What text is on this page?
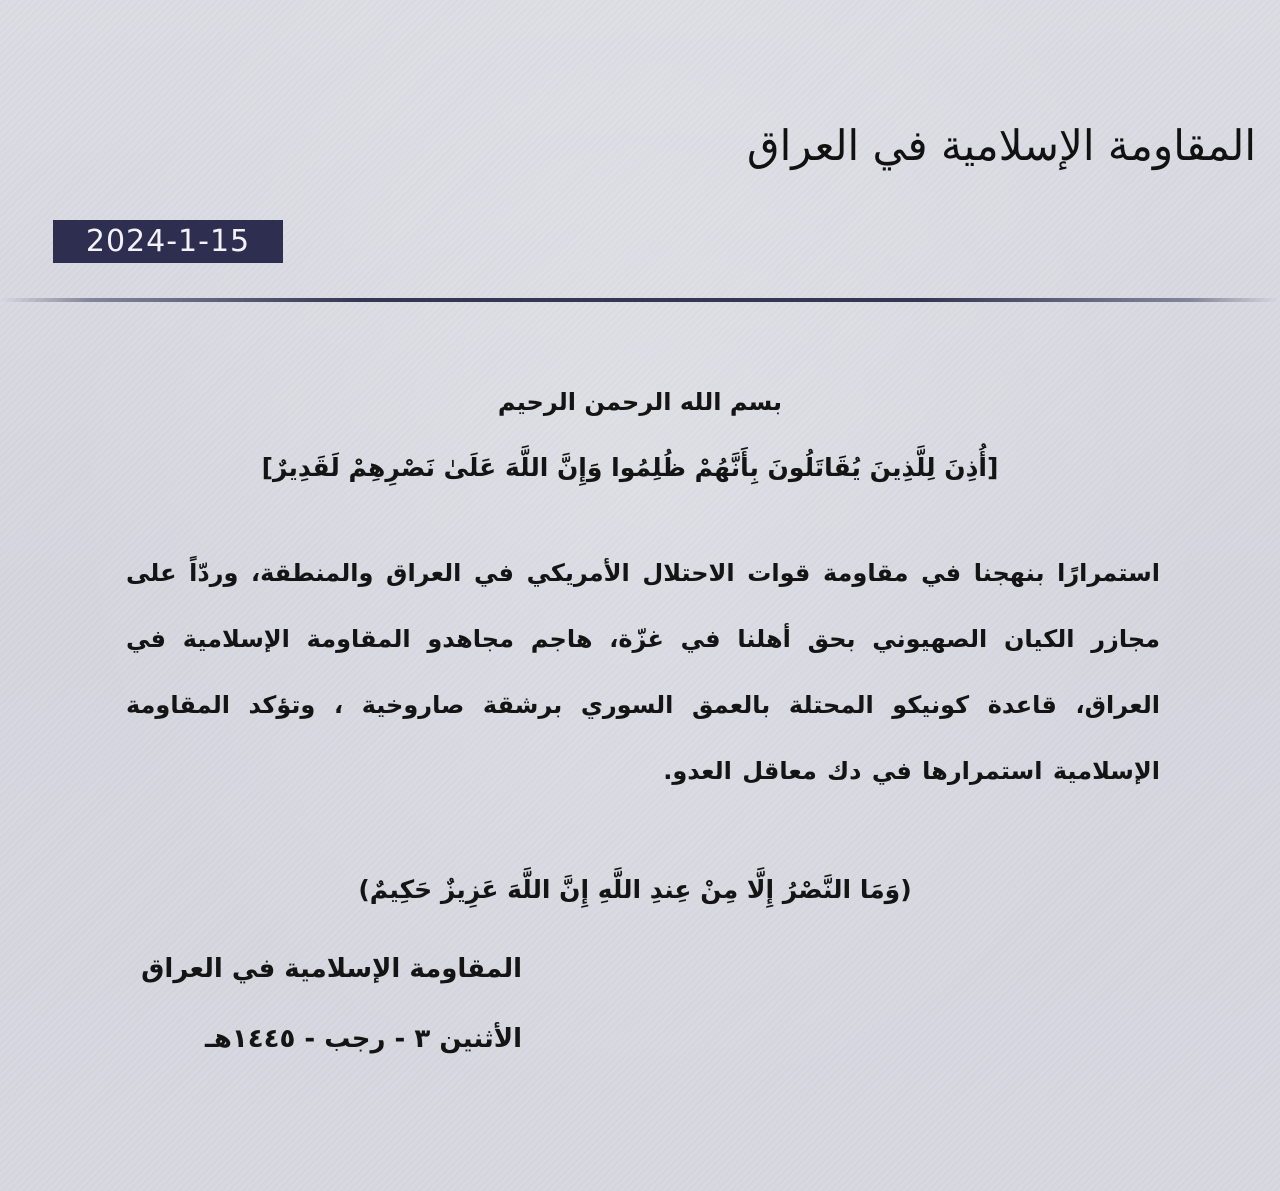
المقاومة الإسلامية في العراق
2024-1-15
بسم الله الرحمن الرحيم
[أُذِنَ لِلَّذِينَ يُقَاتَلُونَ بِأَنَّهُمْ ظُلِمُوا وَإِنَّ اللَّهَ عَلَىٰ نَصْرِهِمْ لَقَدِيرٌ]

استمرارًا بنهجنا في مقاومة قوات الاحتلال الأمريكي في العراق والمنطقة، وردّاً على مجازر الكيان الصهيوني بحق أهلنا في غزّة، هاجم مجاهدو المقاومة الإسلامية في العراق، قاعدة كونيكو المحتلة بالعمق السوري برشقة صاروخية ، وتؤكد المقاومة الإسلامية استمرارها في دك معاقل العدو.

(وَمَا النَّصْرُ إِلَّا مِنْ عِندِ اللَّهِ إِنَّ اللَّهَ عَزِيزٌ حَكِيمٌ)
المقاومة الإسلامية في العراق
الأثنين ٣ - رجب - ١٤٤٥هـ
